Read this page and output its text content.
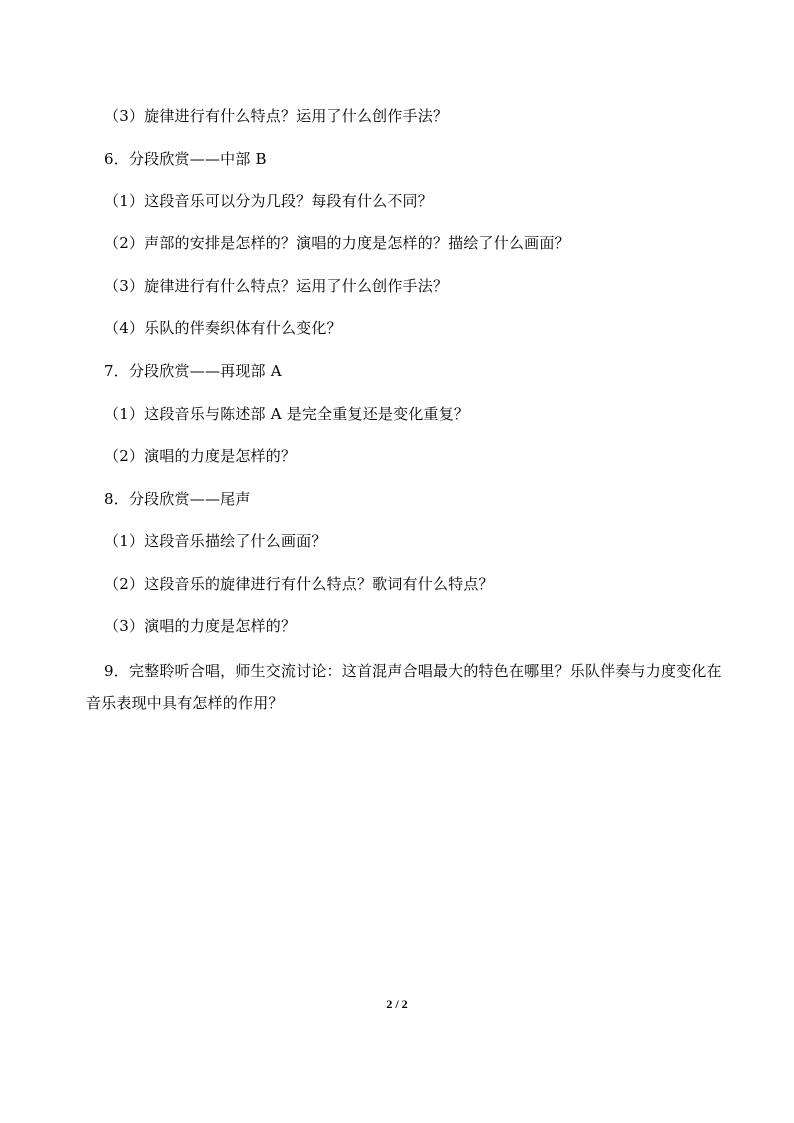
（3）旋律进行有什么特点？运用了什么创作手法？
6．分段欣赏——中部 B
（1）这段音乐可以分为几段？每段有什么不同？
（2）声部的安排是怎样的？演唱的力度是怎样的？描绘了什么画面？
（3）旋律进行有什么特点？运用了什么创作手法？
（4）乐队的伴奏织体有什么变化？
7．分段欣赏——再现部 A
（1）这段音乐与陈述部 A 是完全重复还是变化重复？
（2）演唱的力度是怎样的？
8．分段欣赏——尾声
（1）这段音乐描绘了什么画面？
（2）这段音乐的旋律进行有什么特点？歌词有什么特点？
（3）演唱的力度是怎样的？
9．完整聆听合唱，师生交流讨论：这首混声合唱最大的特色在哪里？乐队伴奏与力度变化在音乐表现中具有怎样的作用？
2 / 2
